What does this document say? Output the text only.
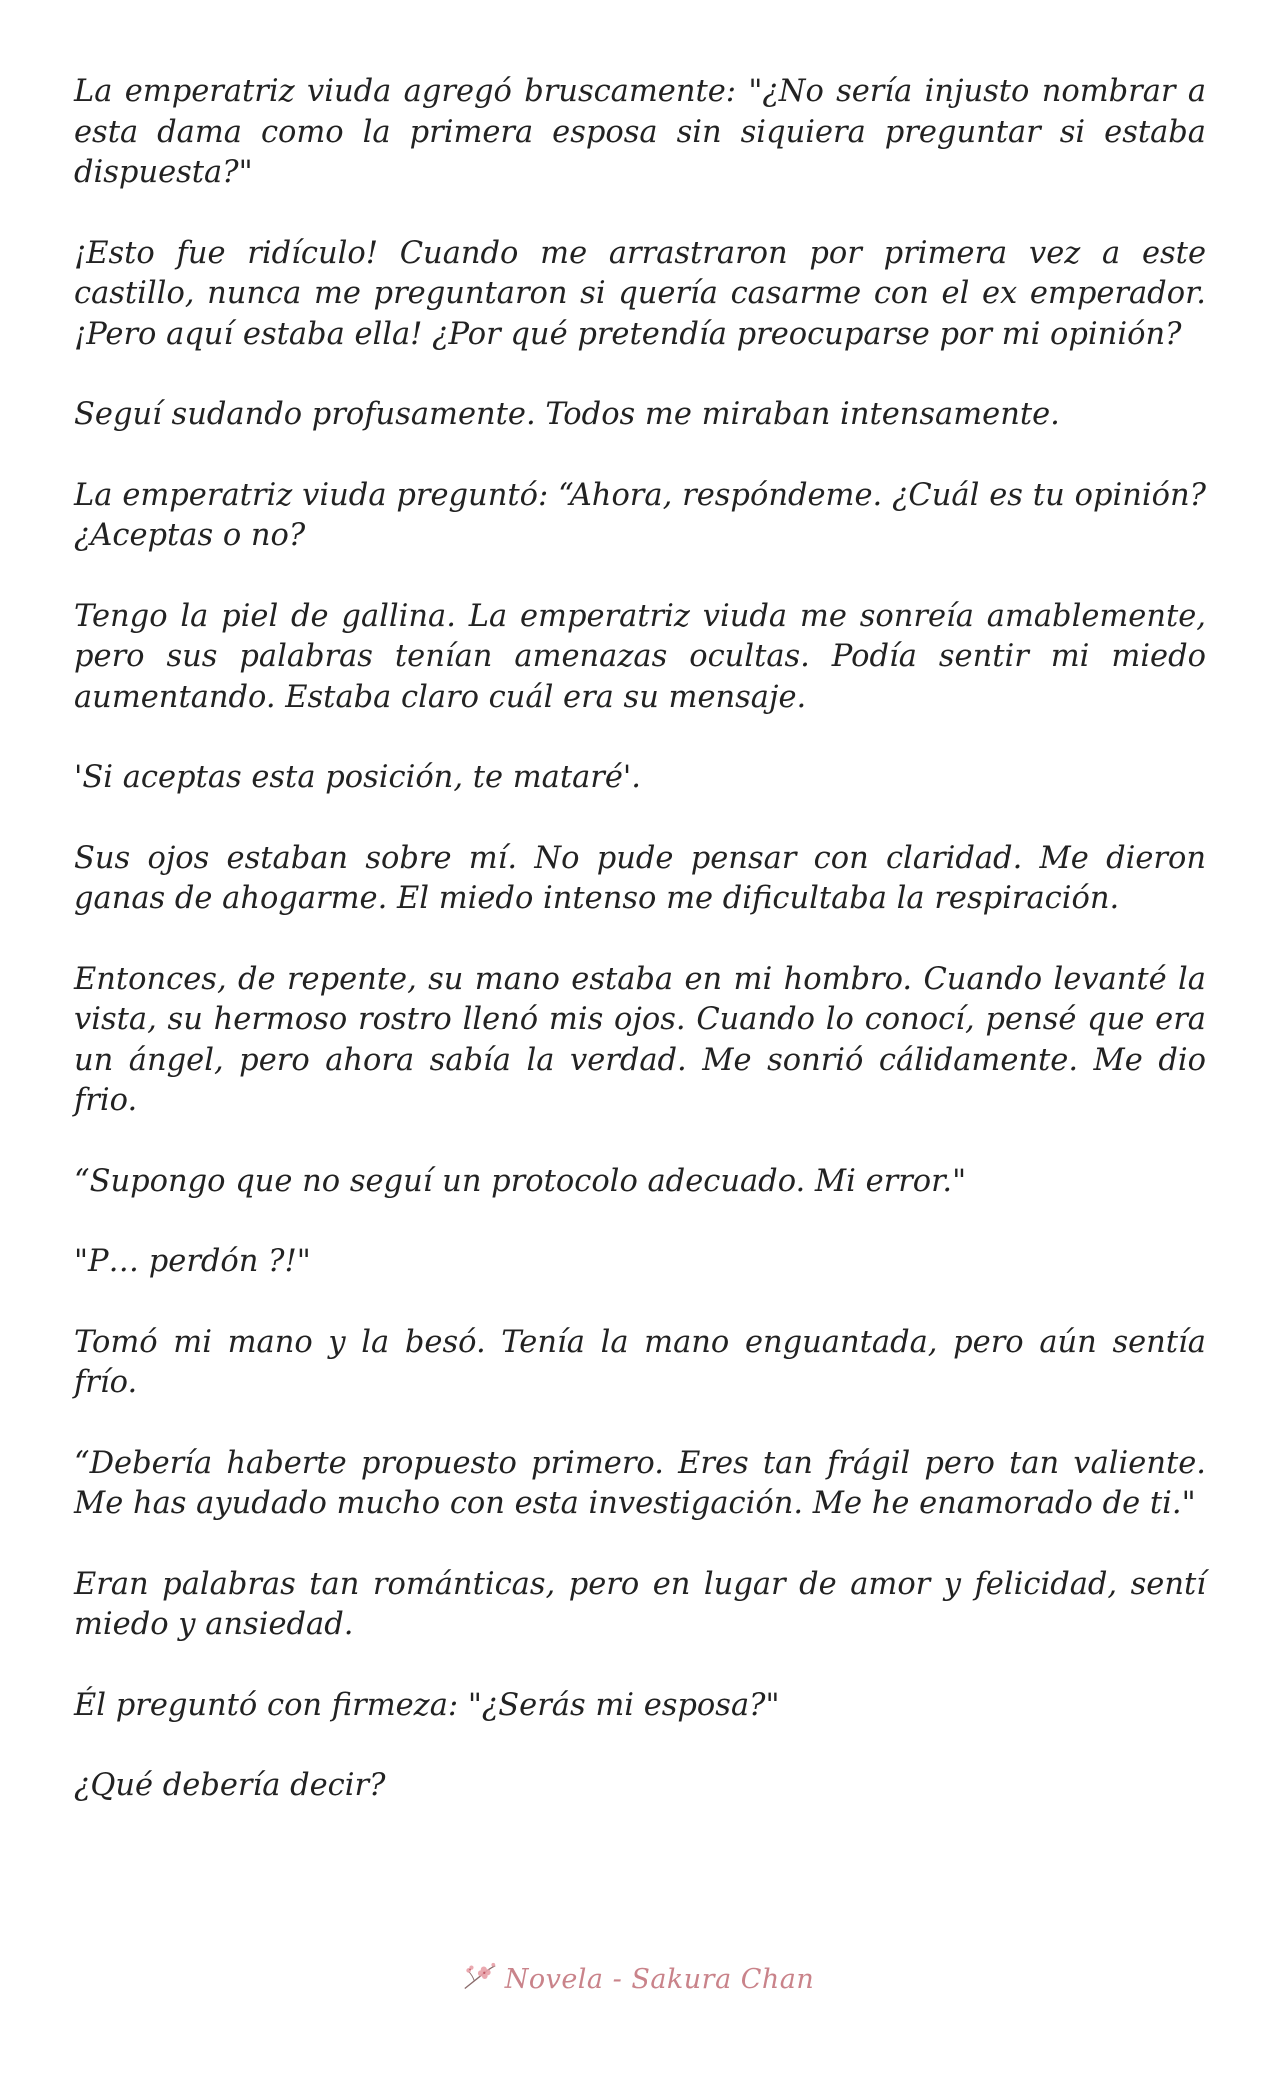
La emperatriz viuda agregó bruscamente: "¿No sería injusto nombrar a esta dama como la primera esposa sin siquiera preguntar si estaba dispuesta?"

¡Esto fue ridículo! Cuando me arrastraron por primera vez a este castillo, nunca me preguntaron si quería casarme con el ex emperador. ¡Pero aquí estaba ella! ¿Por qué pretendía preocuparse por mi opinión?

Seguí sudando profusamente. Todos me miraban intensamente.

La emperatriz viuda preguntó: “Ahora, respóndeme. ¿Cuál es tu opinión? ¿Aceptas o no?

Tengo la piel de gallina. La emperatriz viuda me sonreía amablemente, pero sus palabras tenían amenazas ocultas. Podía sentir mi miedo aumentando. Estaba claro cuál era su mensaje.

'Si aceptas esta posición, te mataré'.

Sus ojos estaban sobre mí. No pude pensar con claridad. Me dieron ganas de ahogarme. El miedo intenso me dificultaba la respiración.

Entonces, de repente, su mano estaba en mi hombro. Cuando levanté la vista, su hermoso rostro llenó mis ojos. Cuando lo conocí, pensé que era un ángel, pero ahora sabía la verdad. Me sonrió cálidamente. Me dio frio.

“Supongo que no seguí un protocolo adecuado. Mi error."

"P… perdón ?!"

Tomó mi mano y la besó. Tenía la mano enguantada, pero aún sentía frío.

“Debería haberte propuesto primero. Eres tan frágil pero tan valiente. Me has ayudado mucho con esta investigación. Me he enamorado de ti."

Eran palabras tan románticas, pero en lugar de amor y felicidad, sentí miedo y ansiedad.

Él preguntó con firmeza: "¿Serás mi esposa?"

¿Qué debería decir?

Novela - Sakura Chan
